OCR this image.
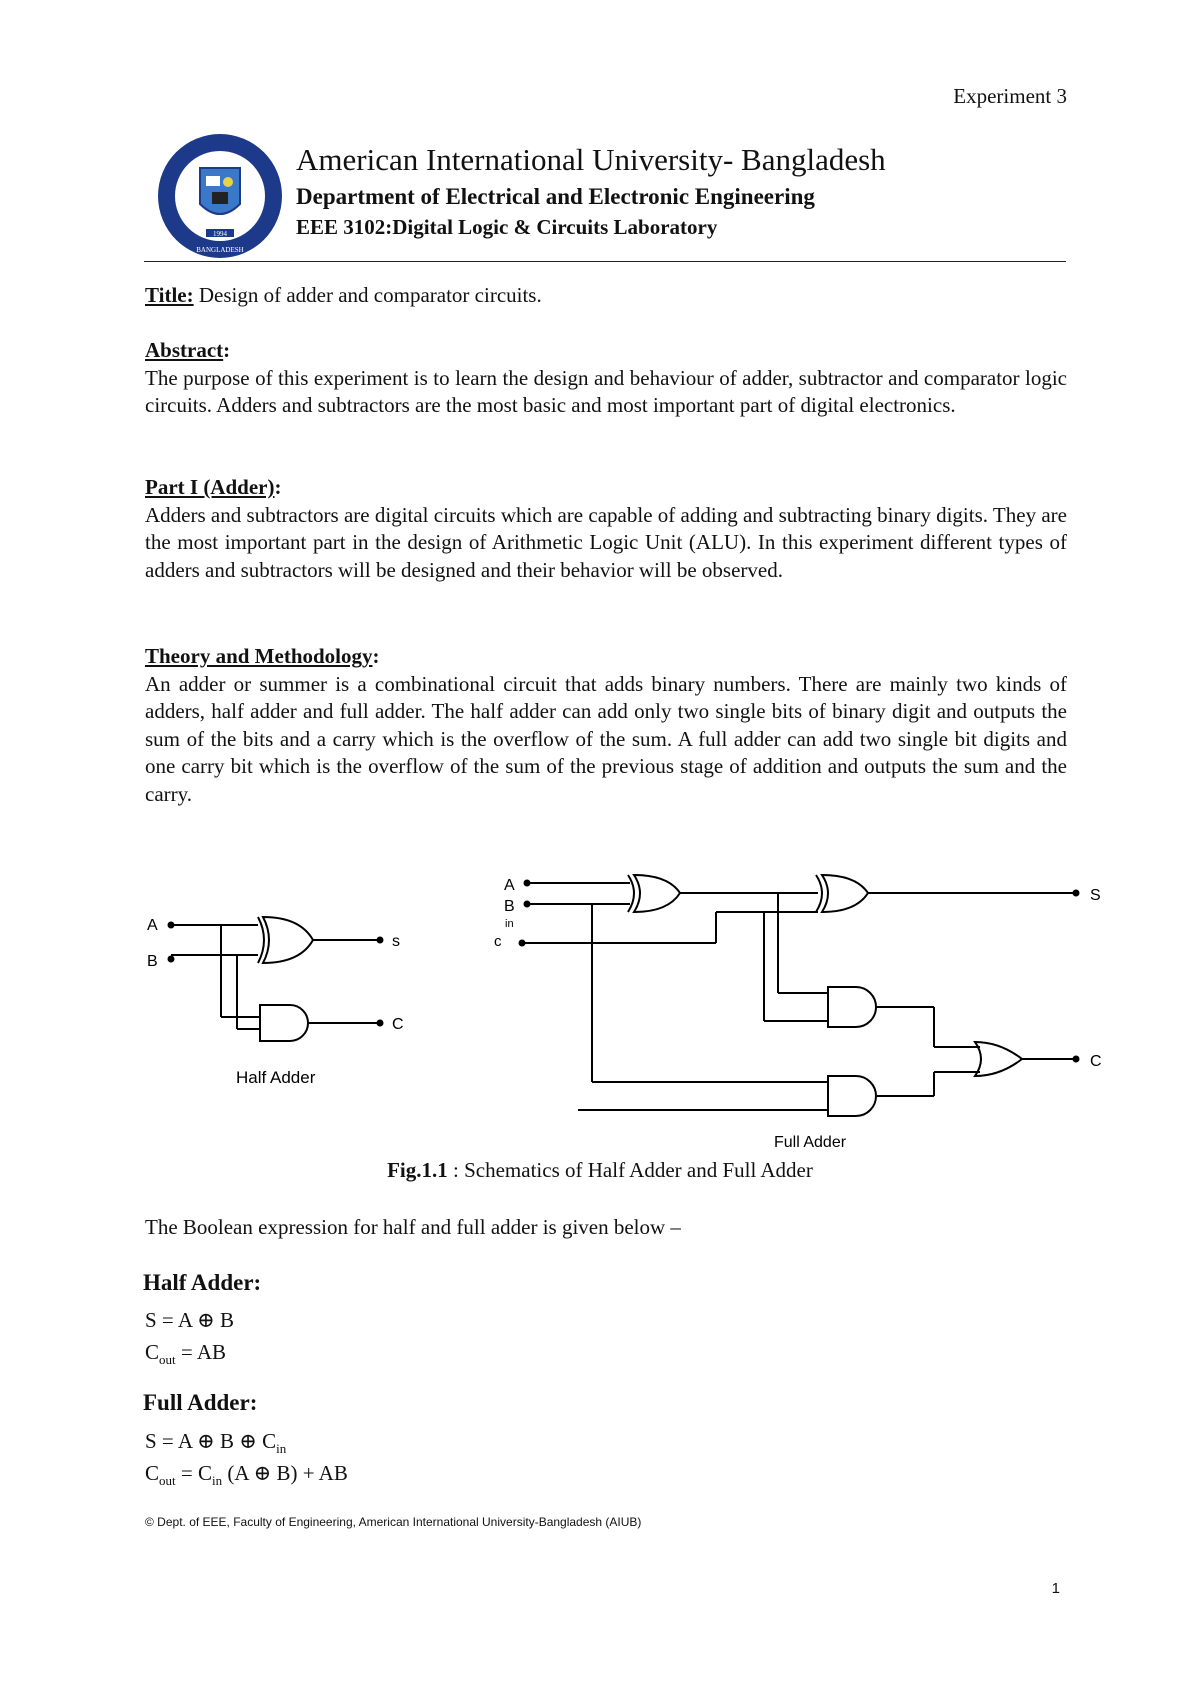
Experiment 3
1994
BANGLADESH
American International University- Bangladesh
Department of Electrical and Electronic Engineering
EEE 3102:Digital Logic & Circuits Laboratory
Title: Design of adder and comparator circuits.
Abstract:
The purpose of this experiment is to learn the design and behaviour of adder, subtractor and comparator logic circuits. Adders and subtractors are the most basic and most important part of digital electronics.
Part I (Adder):
Adders and subtractors are digital circuits which are capable of adding and subtracting binary digits. They are the most important part in the design of Arithmetic Logic Unit (ALU). In this experiment different types of adders and subtractors will be designed and their behavior will be observed.
Theory and Methodology:
An adder or summer is a combinational circuit that adds binary numbers. There are mainly two kinds of adders, half adder and full adder. The half adder can add only two single bits of binary digit and outputs the sum of the bits and a carry which is the overflow of the sum. A full adder can add two single bit digits and one carry bit which is the overflow of the sum of the previous stage of addition and outputs the sum and the carry.
A
B
s
C
Half Adder
A
B
in
c
S
C
Full Adder
Fig.1.1 : Schematics of Half Adder and Full Adder
The Boolean expression for half and full adder is given below –
Half Adder:
S = A ⊕ B
$C_{out}$ = AB
Full Adder:
S = A ⊕ B ⊕ $C_{in}$
$C_{out} = C_{in}$ (A ⊕ B) + AB
© Dept. of EEE, Faculty of Engineering, American International University-Bangladesh (AIUB)
1
